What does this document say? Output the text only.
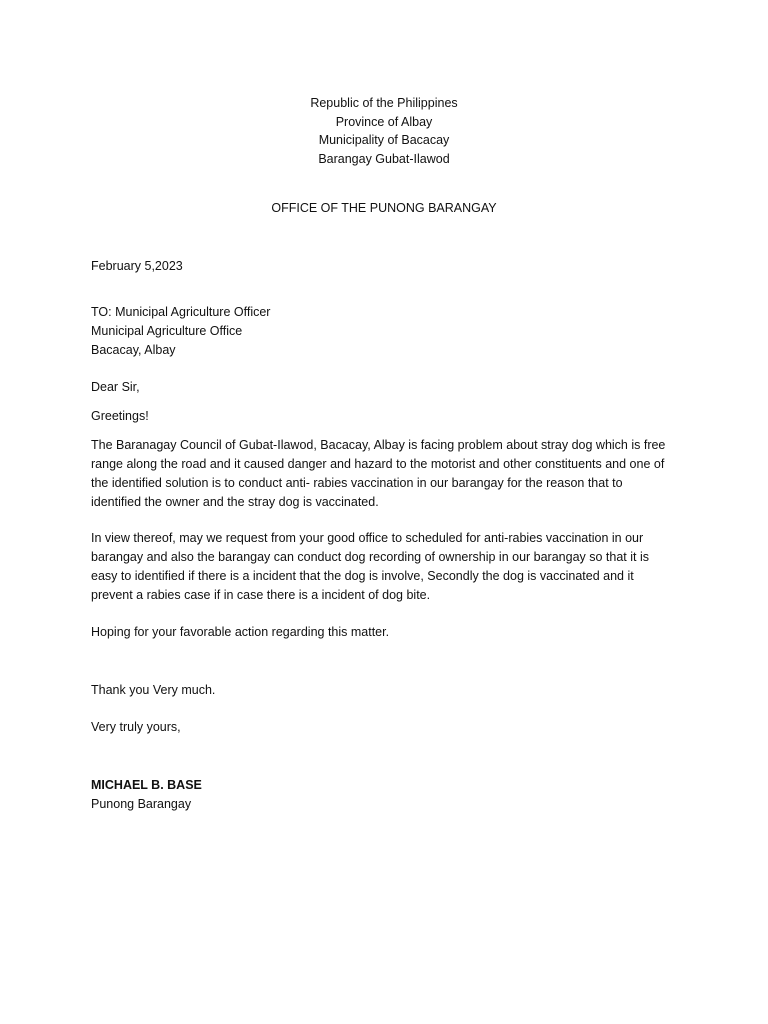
Republic of the Philippines
Province of Albay
Municipality of Bacacay
Barangay Gubat-Ilawod
OFFICE OF THE PUNONG BARANGAY
February 5,2023
TO: Municipal Agriculture Officer
Municipal Agriculture Office
Bacacay, Albay
Dear Sir,
Greetings!
The Baranagay Council of Gubat-Ilawod, Bacacay, Albay is facing problem about stray dog which is free
range along the road and it caused danger and hazard to the motorist and other constituents and one of
the identified solution is to conduct anti- rabies vaccination in our barangay for the reason that to
identified the owner and the stray dog is vaccinated.
In view thereof, may we request from your good office to scheduled for anti-rabies vaccination in our
barangay and also the barangay can conduct dog recording of ownership in our barangay so that it is
easy to identified if there is a incident that the dog is involve, Secondly the dog is vaccinated and it
prevent a rabies case if in case there is a incident of dog bite.
Hoping for your favorable action regarding this matter.
Thank you Very much.
Very truly yours,
MICHAEL B. BASE
Punong Barangay
